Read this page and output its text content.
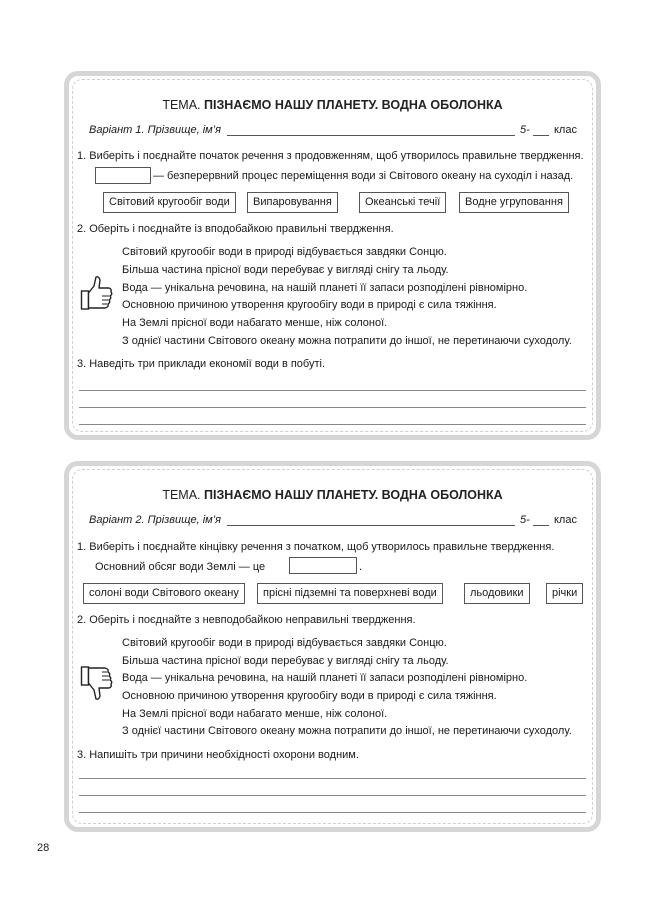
ТЕМА. ПІЗНАЄМО НАШУ ПЛАНЕТУ. ВОДНА ОБОЛОНКА
Варіант 1. Прізвище, ім’я	5- клас
1. Виберіть і поєднайте початок речення з продовженням, щоб утворилось правильне твердження.
— безперервний процес переміщення води зі Світового океану на суходіл і назад.
Світовий кругообіг води	Випаровування	Океанські течії	Водне угруповання
2. Оберіть і поєднайте із вподобайкою правильні твердження.
Світовий кругообіг води в природі відбувається завдяки Сонцю.
Більша частина прісної води перебуває у вигляді снігу та льоду.
Вода — унікальна речовина, на нашій планеті її запаси розподілені рівномірно.
Основною причиною утворення кругообігу води в природі є сила тяжіння.
На Землі прісної води набагато менше, ніж солоної.
З однієї частини Світового океану можна потрапити до іншої, не перетинаючи суходолу.
3. Наведіть три приклади економії води в побуті.
ТЕМА. ПІЗНАЄМО НАШУ ПЛАНЕТУ. ВОДНА ОБОЛОНКА
Варіант 2. Прізвище, ім’я	5- клас
1. Виберіть і поєднайте кінцівку речення з початком, щоб утворилось правильне твердження.
Основний обсяг води Землі — це	.
солоні води Світового океану	прісні підземні та поверхневі води	льодовики	річки
2. Оберіть і поєднайте з невподобайкою неправильні твердження.
Світовий кругообіг води в природі відбувається завдяки Сонцю.
Більша частина прісної води перебуває у вигляді снігу та льоду.
Вода — унікальна речовина, на нашій планеті її запаси розподілені рівномірно.
Основною причиною утворення кругообігу води в природі є сила тяжіння.
На Землі прісної води набагато менше, ніж солоної.
З однієї частини Світового океану можна потрапити до іншої, не перетинаючи суходолу.
3. Напишіть три причини необхідності охорони водним.
28
